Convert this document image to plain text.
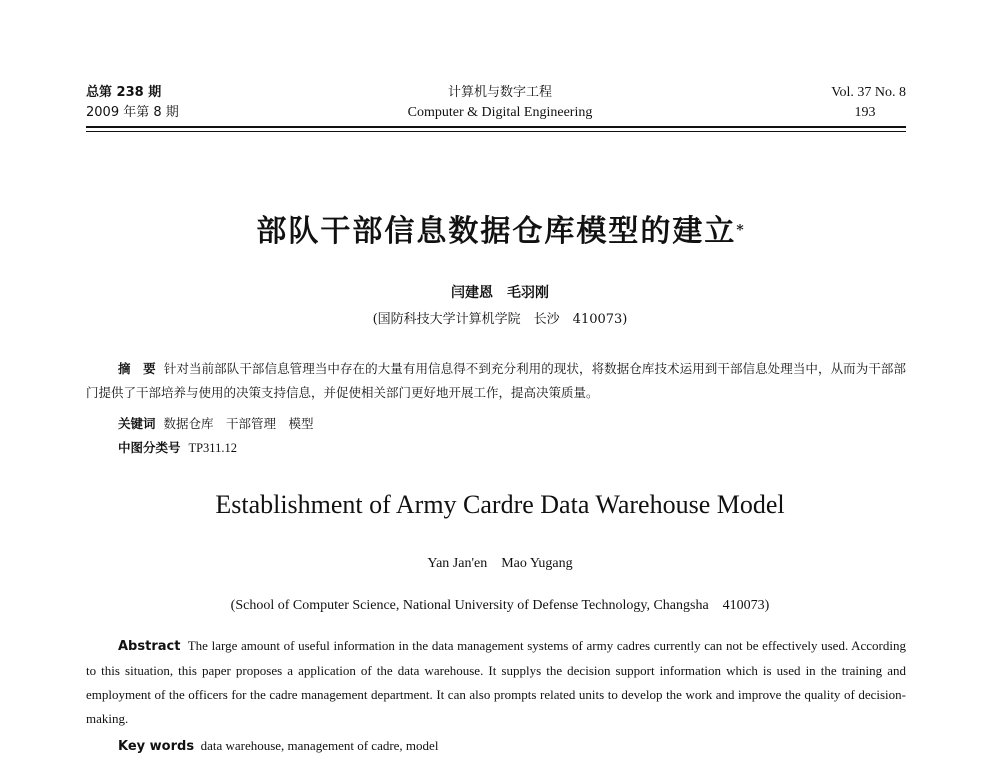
总第 238 期
2009 年第 8 期
计算机与数字工程
Computer & Digital Engineering
Vol. 37 No. 8
193
部队干部信息数据仓库模型的建立*
闫建恩　毛羽刚
(国防科技大学计算机学院　长沙　410073)
摘　要 针对当前部队干部信息管理当中存在的大量有用信息得不到充分利用的现状，将数据仓库技术运用到干部信息处理当中，从而为干部部门提供了干部培养与使用的决策支持信息，并促使相关部门更好地开展工作，提高决策质量。
关键词 数据仓库　干部管理　模型
中图分类号 TP311.12
Establishment of Army Cardre Data Warehouse Model
Yan Jan'en　Mao Yugang
(School of Computer Science, National University of Defense Technology, Changsha　410073)
Abstract The large amount of useful information in the data management systems of army cadres currently can not be effectively used. According to this situation, this paper proposes a application of the data warehouse. It supplys the decision support information which is used in the training and employment of the officers for the cadre management department. It can also prompts related units to develop the work and improve the quality of decision-making.
Key words data warehouse, management of cadre, model
